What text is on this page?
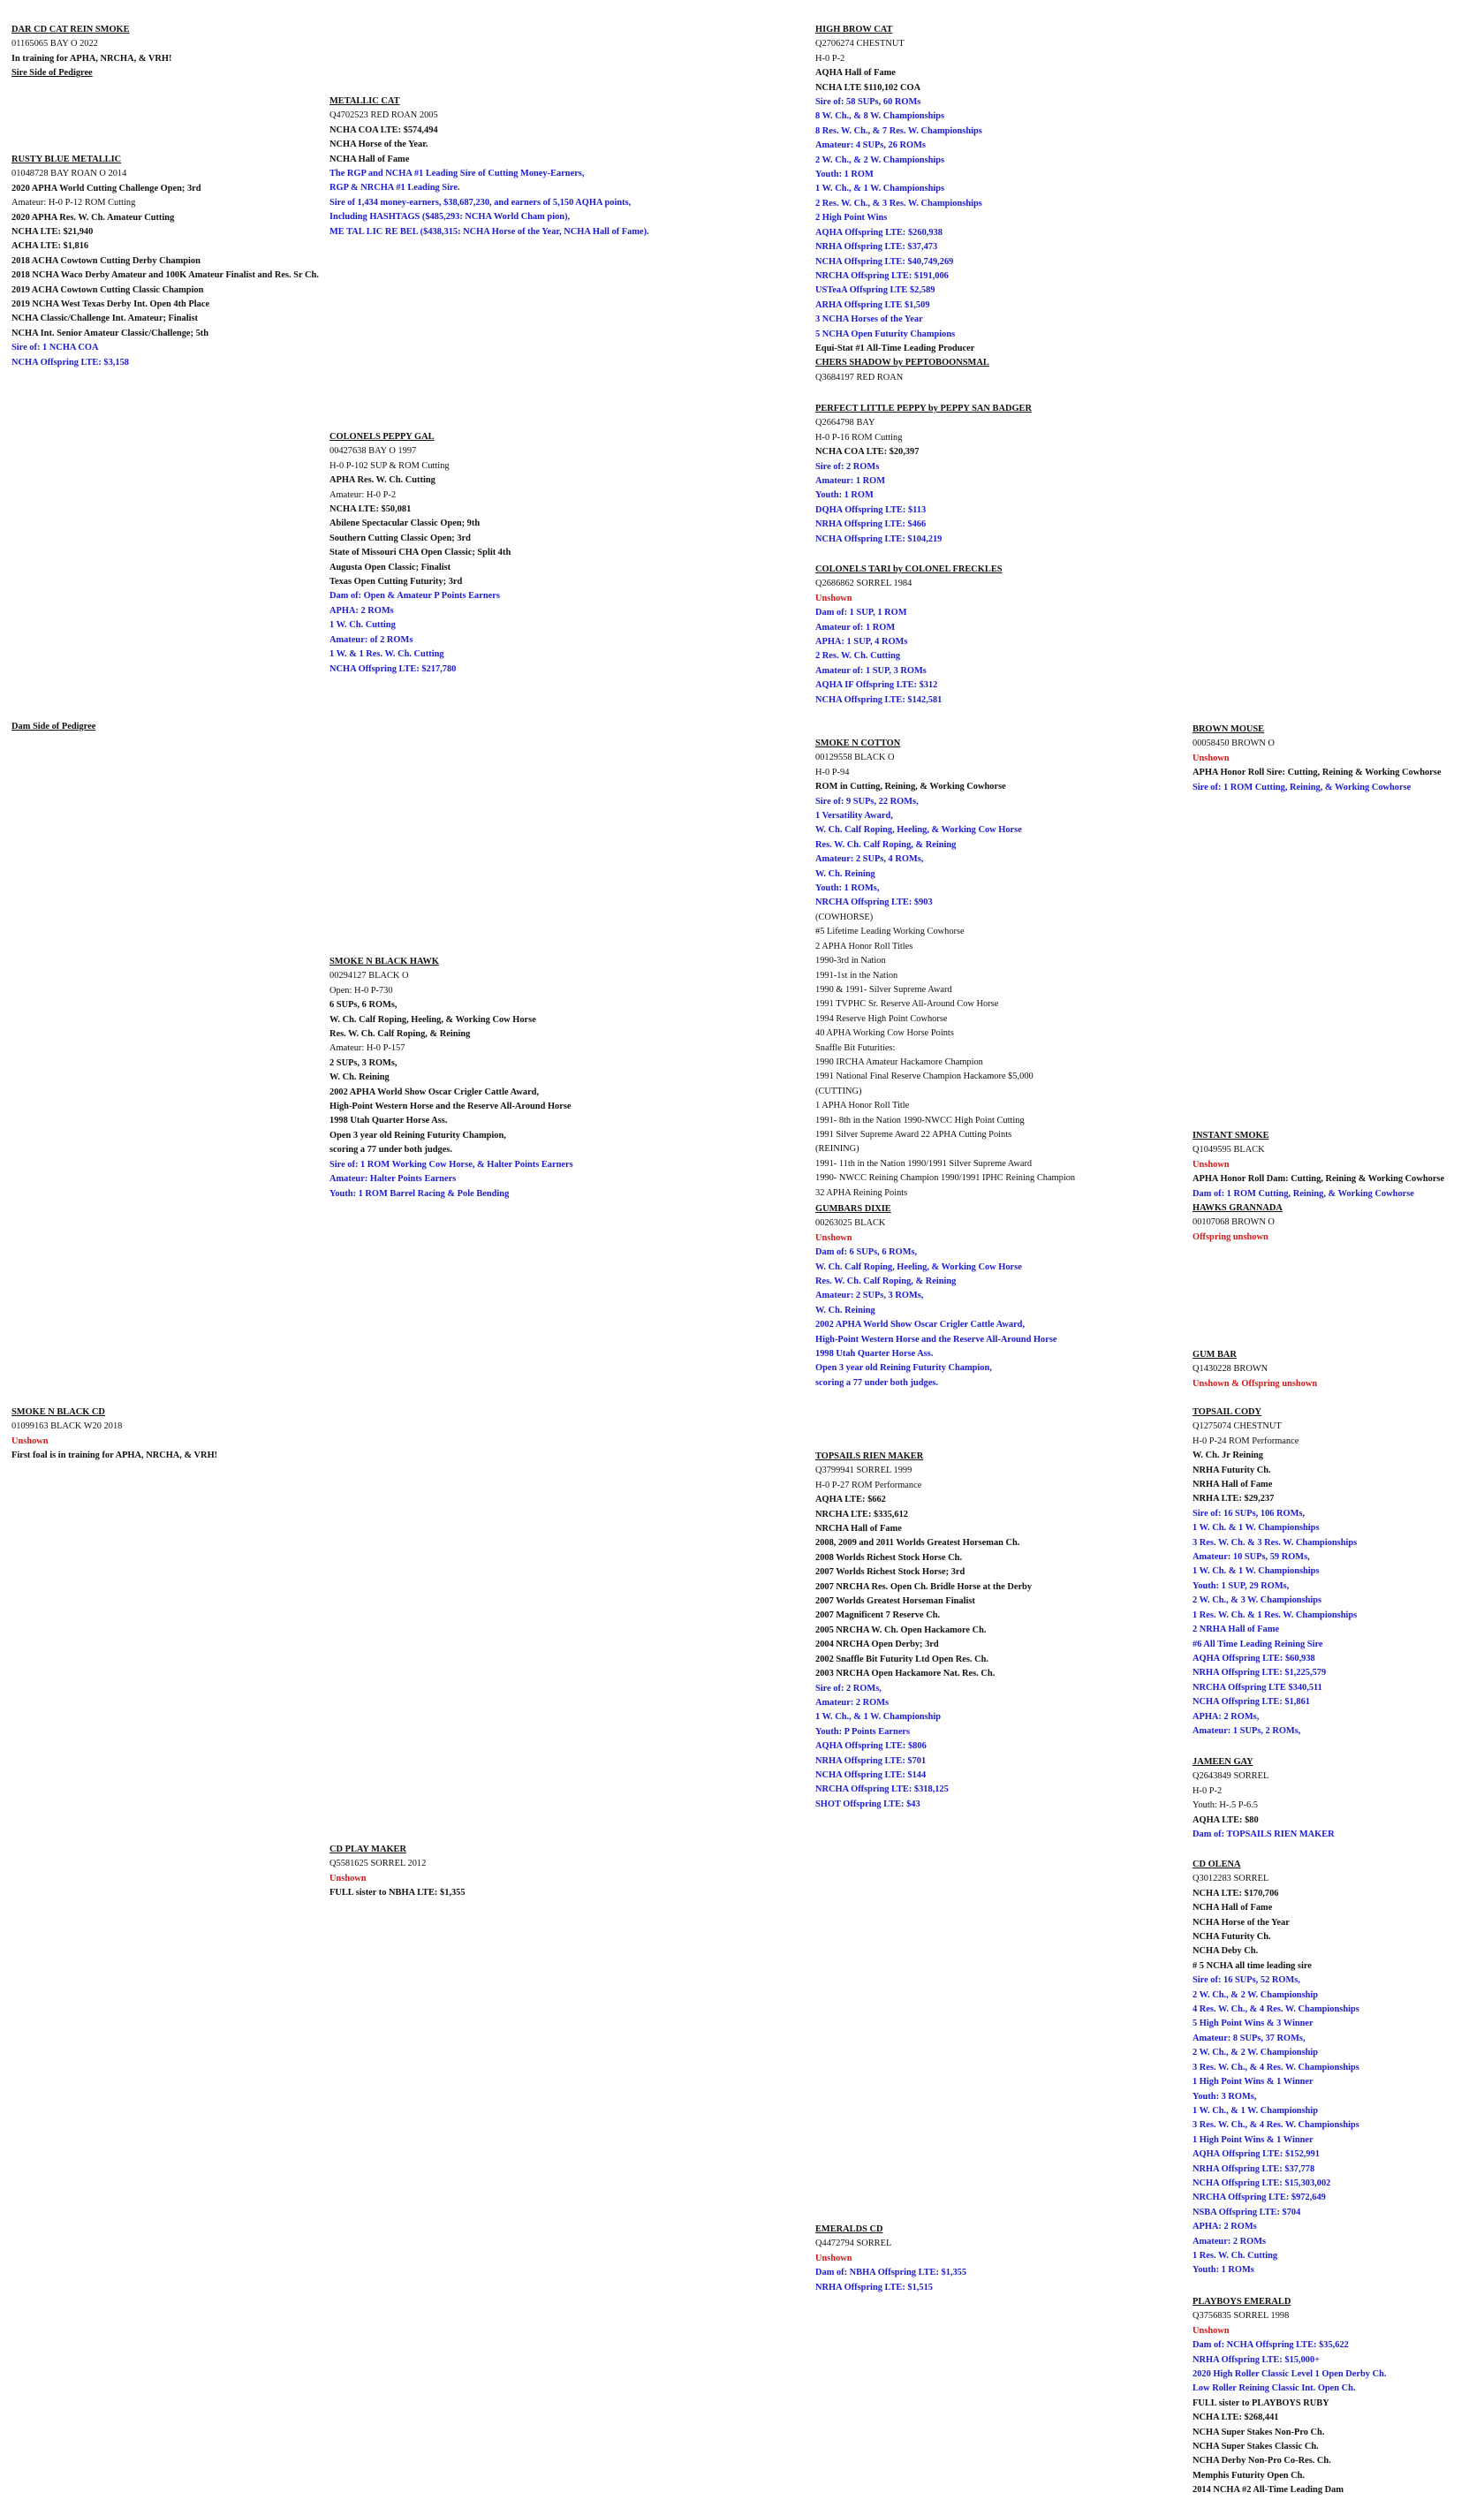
DAR CD CAT REIN SMOKE
01165065 BAY O 2022
In training for APHA, NRCHA, & VRH!
Sire Side of Pedigree
RUSTY BLUE METALLIC
01048728 BAY ROAN O 2014
2020 APHA World Cutting Challenge Open; 3rd
Amateur: H-0 P-12 ROM Cutting
2020 APHA Res. W. Ch. Amateur Cutting
NCHA LTE: $21,940
ACHA LTE: $1,816
2018 ACHA Cowtown Cutting Derby Champion
2018 NCHA Waco Derby Amateur and 100K Amateur Finalist and Res. Sr Ch.
2019 ACHA Cowtown Cutting Classic Champion
2019 NCHA West Texas Derby Int. Open 4th Place
NCHA Classic/Challenge Int. Amateur; Finalist
NCHA Int. Senior Amateur Classic/Challenge; 5th
Sire of: 1 NCHA COA
NCHA Offspring LTE: $3,158
Dam Side of Pedigree
SMOKE N BLACK CD
01099163 BLACK W20 2018
Unshown
First foal is in training for APHA, NRCHA, & VRH!
METALLIC CAT
Q4702523 RED ROAN 2005
NCHA COA LTE: $574,494
NCHA Horse of the Year.
NCHA Hall of Fame
The RGP and NCHA #1 Leading Sire of Cutting Money-Earners,
RGP & NRCHA #1 Leading Sire.
Sire of 1,434 money-earners, $38,687,230, and earners of 5,150 AQHA points,
Including HASHTAGS ($485,293: NCHA World Cham pion),
ME TAL LIC RE BEL ($438,315: NCHA Horse of the Year, NCHA Hall of Fame).
COLONELS PEPPY GAL
00427638 BAY O 1997
H-0 P-102 SUP & ROM Cutting
APHA Res. W. Ch. Cutting
Amateur: H-0 P-2
NCHA LTE: $50,081
Abilene Spectacular Classic Open; 9th
Southern Cutting Classic Open; 3rd
State of Missouri CHA Open Classic; Split 4th
Augusta Open Classic; Finalist
Texas Open Cutting Futurity; 3rd
Dam of: Open & Amateur P Points Earners
APHA: 2 ROMs
1 W. Ch. Cutting
Amateur: of 2 ROMs
1 W. & 1 Res. W. Ch. Cutting
NCHA Offspring LTE: $217,780
SMOKE N BLACK HAWK
00294127 BLACK O
Open: H-0 P-730
6 SUPs, 6 ROMs,
W. Ch. Calf Roping, Heeling, & Working Cow Horse
Res. W. Ch. Calf Roping, & Reining
Amateur: H-0 P-157
2 SUPs, 3 ROMs,
W. Ch. Reining
2002 APHA World Show Oscar Crigler Cattle Award,
High-Point Western Horse and the Reserve All-Around Horse
1998 Utah Quarter Horse Ass.
Open 3 year old Reining Futurity Champion,
scoring a 77 under both judges.
Sire of: 1 ROM Working Cow Horse, & Halter Points Earners
Amateur: Halter Points Earners
Youth: 1 ROM Barrel Racing & Pole Bending
CD PLAY MAKER
Q5581625 SORREL 2012
Unshown
FULL sister to NBHA LTE: $1,355
HIGH BROW CAT
Q2706274 CHESTNUT
H-0 P-2
AQHA Hall of Fame
NCHA LTE $110,102 COA
Sire of: 58 SUPs, 60 ROMs
8 W. Ch., & 8 W. Championships
8 Res. W. Ch., & 7 Res. W. Championships
Amateur: 4 SUPs, 26 ROMs
2 W. Ch., & 2 W. Championships
Youth: 1 ROM
1 W. Ch., & 1 W. Championships
2 Res. W. Ch., & 3 Res. W. Championships
2 High Point Wins
AQHA Offspring LTE: $260,938
NRHA Offspring LTE: $37,473
NCHA Offspring LTE: $40,749,269
NRCHA Offspring LTE: $191,006
USTeaA Offspring LTE $2,589
ARHA Offspring LTE $1,509
3 NCHA Horses of the Year
5 NCHA Open Futurity Champions
Equi-Stat #1 All-Time Leading Producer
CHERS SHADOW by PEPTOBOONSMAL
Q3684197 RED ROAN
PERFECT LITTLE PEPPY by PEPPY SAN BADGER
Q2664798 BAY
H-0 P-16 ROM Cutting
NCHA COA LTE: $20,397
Sire of: 2 ROMs
Amateur: 1 ROM
Youth: 1 ROM
DQHA Offspring LTE: $113
NRHA Offspring LTE: $466
NCHA Offspring LTE: $104,219
COLONELS TARI by COLONEL FRECKLES
Q2686862 SORREL 1984
Unshown
Dam of: 1 SUP, 1 ROM
Amateur of: 1 ROM
APHA: 1 SUP, 4 ROMs
2 Res. W. Ch. Cutting
Amateur of: 1 SUP, 3 ROMs
AQHA IF Offspring LTE: $312
NCHA Offspring LTE: $142,581
SMOKE N COTTON
00129558 BLACK O
H-0 P-94
ROM in Cutting, Reining, & Working Cowhorse
Sire of: 9 SUPs, 22 ROMs,
1 Versatility Award,
W. Ch. Calf Roping, Heeling, & Working Cow Horse
Res. W. Ch. Calf Roping, & Reining
Amateur: 2 SUPs, 4 ROMs,
W. Ch. Reining
Youth: 1 ROMs,
NRCHA Offspring LTE: $903
(COWHORSE)
#5 Lifetime Leading Working Cowhorse
2 APHA Honor Roll Titles
1990-3rd in Nation
1991-1st in the Nation
1990 & 1991- Silver Supreme Award
1991 TVPHC Sr. Reserve All-Around Cow Horse
1994 Reserve High Point Cowhorse
40 APHA Working Cow Horse Points
Snaffle Bit Futurities:
1990 IRCHA Amateur Hackamore Champion
1991 National Final Reserve Champion Hackamore $5,000
(CUTTING)
1 APHA Honor Roll Title
1991- 8th in the Nation 1990-NWCC High Point Cutting
1991 Silver Supreme Award 22 APHA Cutting Points
(REINING)
1991- 11th in the Nation 1990/1991 Silver Supreme Award
1990- NWCC Reining Champion 1990/1991 IPHC Reining Champion
32 APHA Reining Points
GUMBARS DIXIE
00263025 BLACK
Unshown
Dam of: 6 SUPs, 6 ROMs,
W. Ch. Calf Roping, Heeling, & Working Cow Horse
Res. W. Ch. Calf Roping, & Reining
Amateur: 2 SUPs, 3 ROMs,
W. Ch. Reining
2002 APHA World Show Oscar Crigler Cattle Award,
High-Point Western Horse and the Reserve All-Around Horse
1998 Utah Quarter Horse Ass.
Open 3 year old Reining Futurity Champion,
scoring a 77 under both judges.
TOPSAILS RIEN MAKER
Q3799941 SORREL 1999
H-0 P-27 ROM Performance
AQHA LTE: $662
NRCHA LTE: $335,612
NRCHA Hall of Fame
2008, 2009 and 2011 Worlds Greatest Horseman Ch.
2008 Worlds Richest Stock Horse Ch.
2007 Worlds Richest Stock Horse; 3rd
2007 NRCHA Res. Open Ch. Bridle Horse at the Derby
2007 Worlds Greatest Horseman Finalist
2007 Magnificent 7 Reserve Ch.
2005 NRCHA W. Ch. Open Hackamore Ch.
2004 NRCHA Open Derby; 3rd
2002 Snaffle Bit Futurity Ltd Open Res. Ch.
2003 NRCHA Open Hackamore Nat. Res. Ch.
Sire of: 2 ROMs,
Amateur: 2 ROMs
1 W. Ch., & 1 W. Championship
Youth: P Points Earners
AQHA Offspring LTE: $806
NRHA Offspring LTE: $701
NCHA Offspring LTE: $144
NRCHA Offspring LTE: $318,125
SHOT Offspring LTE: $43
EMERALDS CD
Q4472794 SORREL
Unshown
Dam of: NBHA Offspring LTE: $1,355
NRHA Offspring LTE: $1,515
BROWN MOUSE
00058450 BROWN O
Unshown
APHA Honor Roll Sire: Cutting, Reining & Working Cowhorse
Sire of: 1 ROM Cutting, Reining, & Working Cowhorse
INSTANT SMOKE
Q1049595 BLACK
Unshown
APHA Honor Roll Dam: Cutting, Reining & Working Cowhorse
Dam of: 1 ROM Cutting, Reining, & Working Cowhorse
HAWKS GRANNADA
00107068 BROWN O
Offspring unshown
GUM BAR
Q1430228 BROWN
Unshown & Offspring unshown
TOPSAIL CODY
Q1275074 CHESTNUT
H-0 P-24 ROM Performance
W. Ch. Jr Reining
NRHA Futurity Ch.
NRHA Hall of Fame
NRHA LTE: $29,237
Sire of: 16 SUPs, 106 ROMs,
1 W. Ch. & 1 W. Championships
3 Res. W. Ch. & 3 Res. W. Championships
Amateur: 10 SUPs, 59 ROMs,
1 W. Ch. & 1 W. Championships
Youth: 1 SUP, 29 ROMs,
2 W. Ch., & 3 W. Championships
1 Res. W. Ch. & 1 Res. W. Championships
2 NRHA Hall of Fame
#6 All Time Leading Reining Sire
AQHA Offspring LTE: $60,938
NRHA Offspring LTE: $1,225,579
NRCHA Offspring LTE $340,511
NCHA Offspring LTE: $1,861
APHA: 2 ROMs,
Amateur: 1 SUPs, 2 ROMs,
JAMEEN GAY
Q2643849 SORREL
H-0 P-2
Youth: H-.5 P-6.5
AQHA LTE: $80
Dam of: TOPSAILS RIEN MAKER
CD OLENA
Q3012283 SORREL
NCHA LTE: $170,706
NCHA Hall of Fame
NCHA Horse of the Year
NCHA Futurity Ch.
NCHA Deby Ch.
# 5 NCHA all time leading sire
Sire of: 16 SUPs, 52 ROMs,
2 W. Ch., & 2 W. Championship
4 Res. W. Ch., & 4 Res. W. Championships
5 High Point Wins & 3 Winner
Amateur: 8 SUPs, 37 ROMs,
2 W. Ch., & 2 W. Championship
3 Res. W. Ch., & 4 Res. W. Championships
1 High Point Wins & 1 Winner
Youth: 3 ROMs,
1 W. Ch., & 1 W. Championship
3 Res. W. Ch., & 4 Res. W. Championships
1 High Point Wins & 1 Winner
AQHA Offspring LTE: $152,991
NRHA Offspring LTE: $37,778
NCHA Offspring LTE: $15,303,002
NRCHA Offspring LTE: $972,649
NSBA Offspring LTE: $704
APHA: 2 ROMs
Amateur: 2 ROMs
1 Res. W. Ch. Cutting
Youth: 1 ROMs
PLAYBOYS EMERALD
Q3756835 SORREL 1998
Unshown
Dam of: NCHA Offspring LTE: $35,622
NRHA Offspring LTE: $15,000+
2020 High Roller Classic Level 1 Open Derby Ch.
Low Roller Reining Classic Int. Open Ch.
FULL sister to PLAYBOYS RUBY
NCHA LTE: $268,441
NCHA Super Stakes Non-Pro Ch.
NCHA Super Stakes Classic Ch.
NCHA Derby Non-Pro Co-Res. Ch.
Memphis Futurity Open Ch.
2014 NCHA #2 All-Time Leading Dam
